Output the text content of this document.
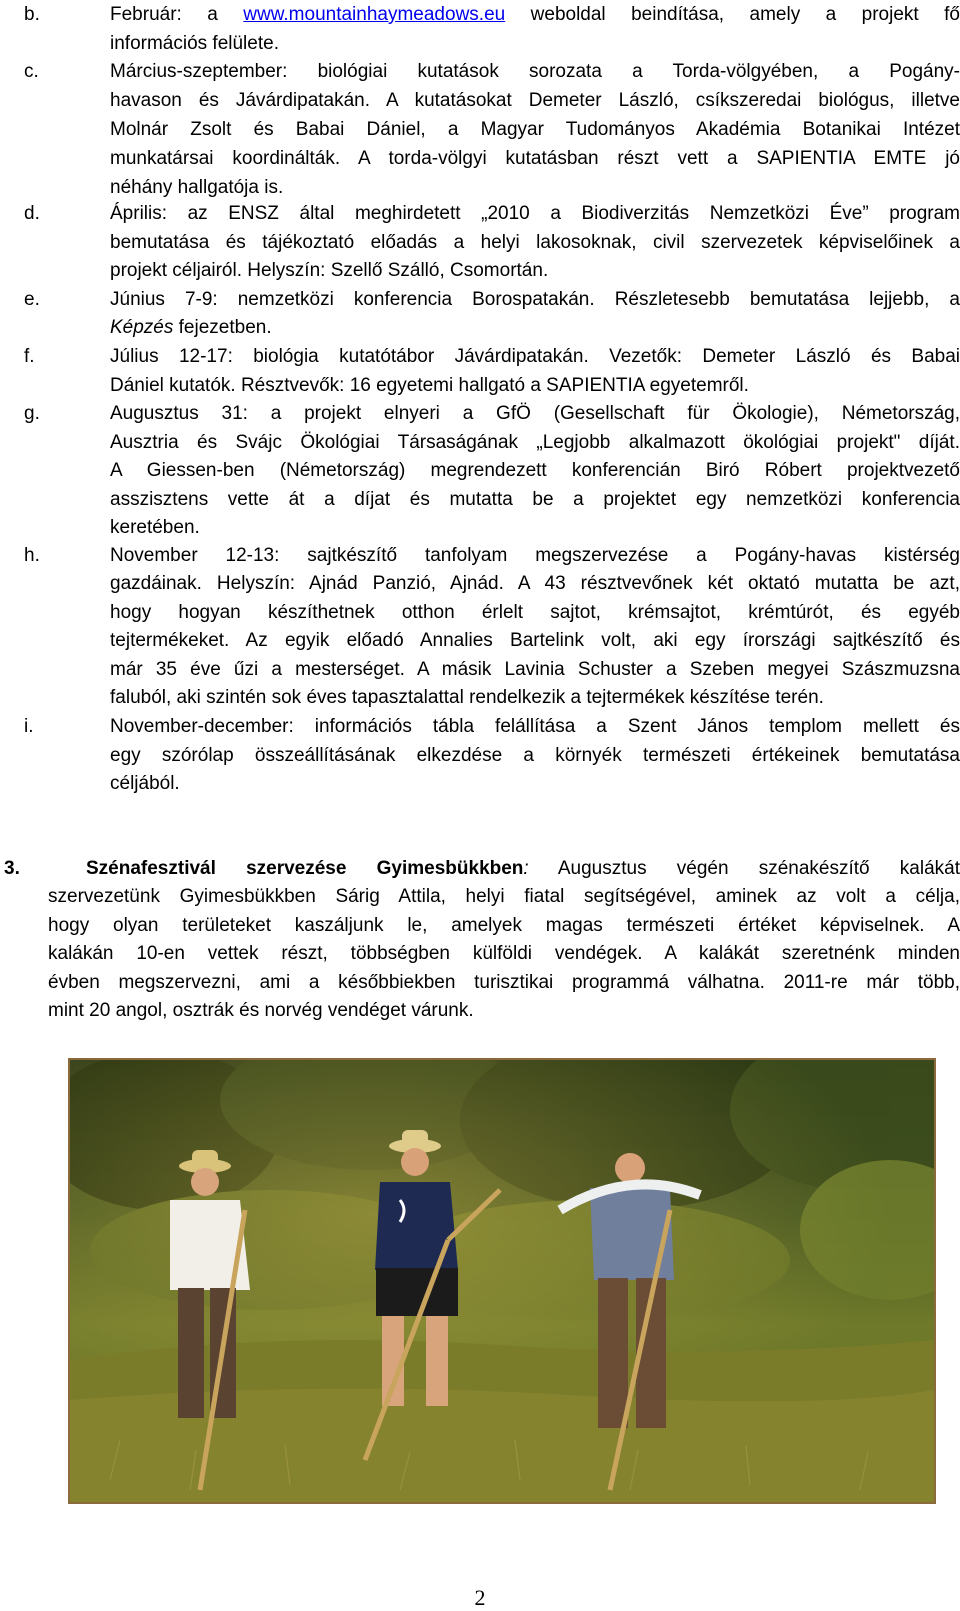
b.	Február: a www.mountainhaymeadows.eu weboldal beindítása, amely a projekt fő
információs felülete.
c.	Március-szeptember: biológiai kutatások sorozata a Torda-völgyében, a Pogány-
havason és Jávárdipatakán. A kutatásokat Demeter László, csíkszeredai biológus, illetve
Molnár Zsolt és Babai Dániel, a Magyar Tudományos Akadémia Botanikai Intézet
munkatársai koordinálták. A torda-völgyi kutatásban részt vett a SAPIENTIA EMTE jó
néhány hallgatója is.
d.	Április: az ENSZ által meghirdetett „2010 a Biodiverzitás Nemzetközi Éve” program
bemutatása és tájékoztató előadás a helyi lakosoknak, civil szervezetek képviselőinek a
projekt céljairól. Helyszín: Szellő Szálló, Csomortán.
e.	Június 7-9: nemzetközi konferencia Borospatakán. Részletesebb bemutatása lejjebb, a
Képzés fejezetben.
f.	Július 12-17: biológia kutatótábor Jávárdipatakán. Vezetők: Demeter László és Babai
Dániel kutatók. Résztvevők: 16 egyetemi hallgató a SAPIENTIA egyetemről.
g.	Augusztus 31: a projekt elnyeri a GfÖ (Gesellschaft für Ökologie), Németország,
Ausztria és Svájc Ökológiai Társaságának „Legjobb alkalmazott ökológiai projekt" díját.
A Giessen-ben (Németország) megrendezett konferencián Biró Róbert projektvezető
asszisztens vette át a díjat és mutatta be a projektet egy nemzetközi konferencia
keretében.
h.	November 12-13: sajtkészítő tanfolyam megszervezése a Pogány-havas kistérség
gazdáinak. Helyszín: Ajnád Panzió, Ajnád. A 43 résztvevőnek két oktató mutatta be azt,
hogy hogyan készíthetnek otthon érlelt sajtot, krémsajtot, krémtúrót, és egyéb
tejtermékeket. Az egyik előadó Annalies Bartelink volt, aki egy írországi sajtkészítő és
már 35 éve űzi a mesterséget. A másik Lavinia Schuster a Szeben megyei Szászmuzsna
faluból, aki szintén sok éves tapasztalattal rendelkezik a tejtermékek készítése terén.
i.	November-december: információs tábla felállítása a Szent János templom mellett és
egy szórólap összeállításának elkezdése a környék természeti értékeinek bemutatása
céljából.
3.	Szénafesztivál szervezése Gyimesbükkben: Augusztus végén szénakészítő kalákát
szervezetünk Gyimesbükkben Sárig Attila, helyi fiatal segítségével, aminek az volt a célja,
hogy olyan területeket kaszáljunk le, amelyek magas természeti értéket képviselnek. A
kalákán 10-en vettek részt, többségben külföldi vendégek. A kalákát szeretnénk minden
évben megszervezni, ami a későbbiekben turisztikai programmá válhatna. 2011-re már több,
mint 20 angol, osztrák és norvég vendéget várunk.
2
